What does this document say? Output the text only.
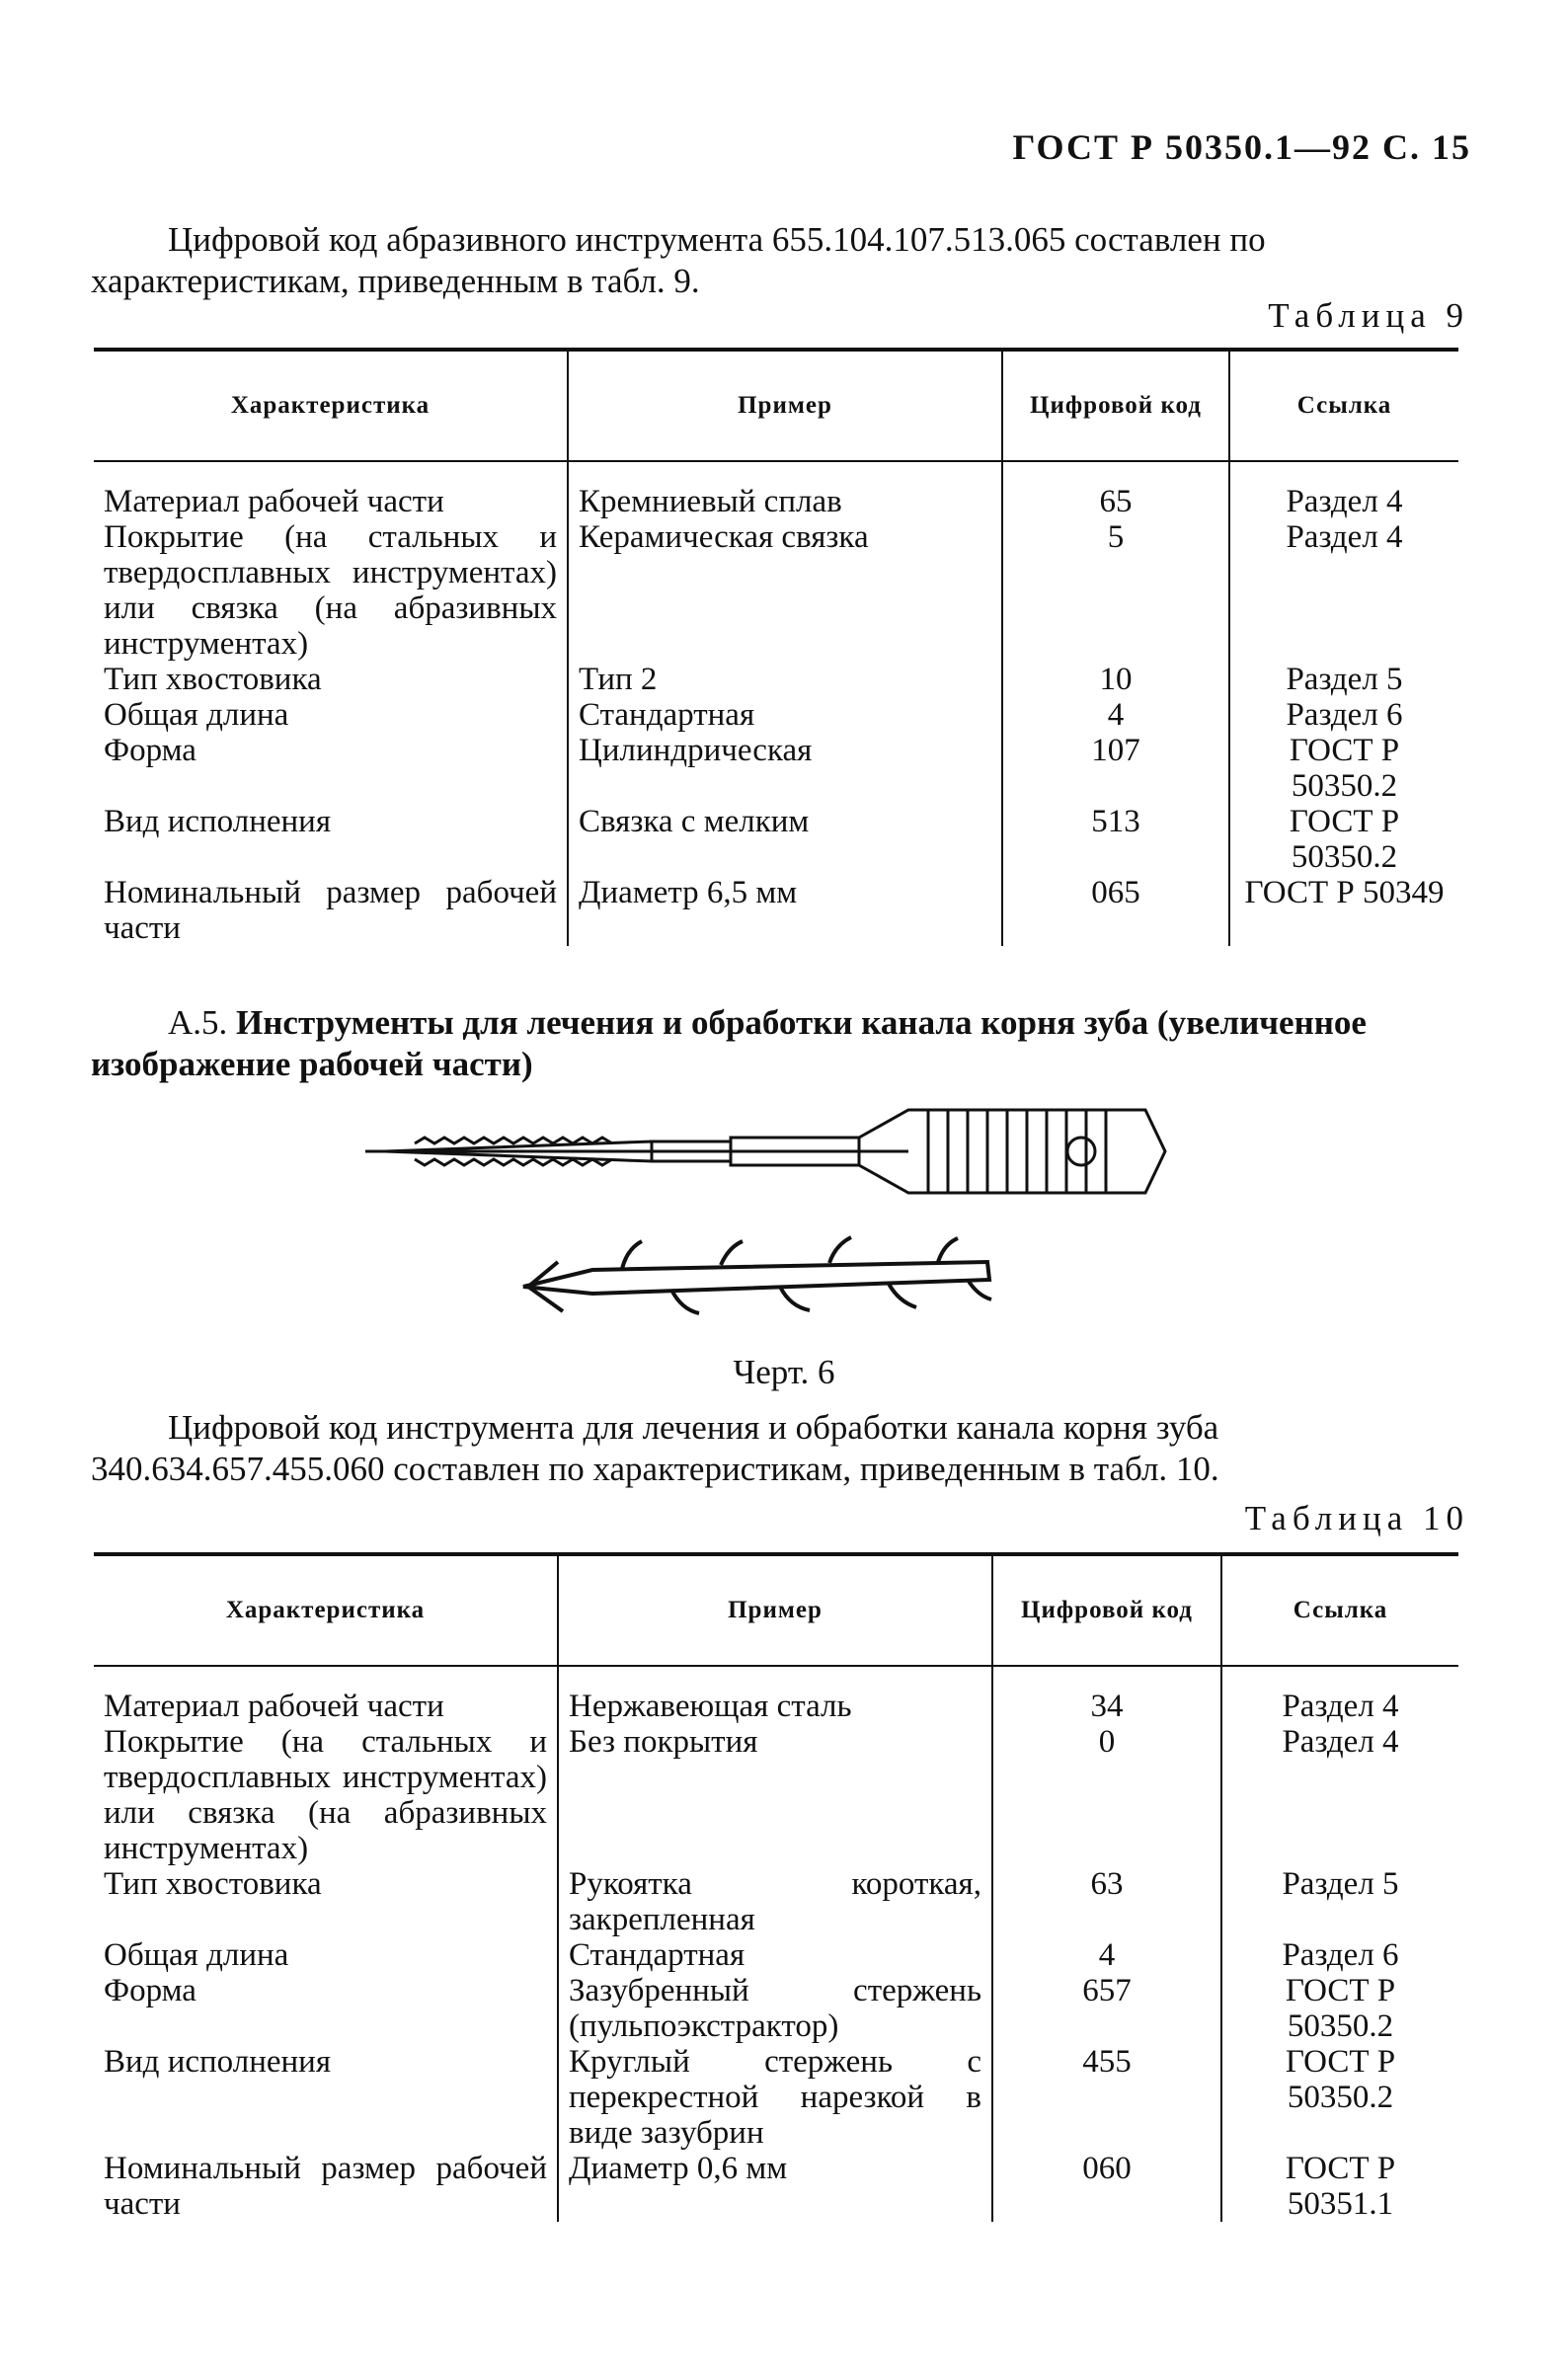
ГОСТ Р 50350.1—92 С. 15
Цифровой код абразивного инструмента 655.104.107.513.065 составлен по характеристикам, приведенным в табл. 9.
Таблица 9
Характеристика	Пример	Цифровой код	Ссылка

Материал рабочей части	Кремниевый сплав	65	Раздел 4
Покрытие (на стальных и твердосплавных инструментах) или связка (на абразивных инструментах)	Керамическая связка	5	Раздел 4
Тип хвостовика	Тип 2	10	Раздел 5
Общая длина	Стандартная	4	Раздел 6
Форма	Цилиндрическая	107	ГОСТ Р 50350.2
Вид исполнения	Связка с мелким	513	ГОСТ Р 50350.2
Номинальный размер рабочей части	Диаметр 6,5 мм	065	ГОСТ Р 50349
А.5. Инструменты для лечения и обработки канала корня зуба (увеличенное изображение рабочей части)
Черт. 6
Цифровой код инструмента для лечения и обработки канала корня зуба 340.634.657.455.060 составлен по характеристикам, приведенным в табл. 10.
Таблица 10
Характеристика	Пример	Цифровой код	Ссылка

Материал рабочей части	Нержавеющая сталь	34	Раздел 4
Покрытие (на стальных и твердосплавных инструментах) или связка (на абразивных инструментах)	Без покрытия	0	Раздел 4
Тип хвостовика	Рукоятка короткая, закрепленная	63	Раздел 5
Общая длина	Стандартная	4	Раздел 6
Форма	Зазубренный стержень (пульпоэкстрактор)	657	ГОСТ Р 50350.2
Вид исполнения	Круглый стержень с перекрестной нарезкой в виде зазубрин	455	ГОСТ Р 50350.2
Номинальный размер рабочей части	Диаметр 0,6 мм	060	ГОСТ Р 50351.1
